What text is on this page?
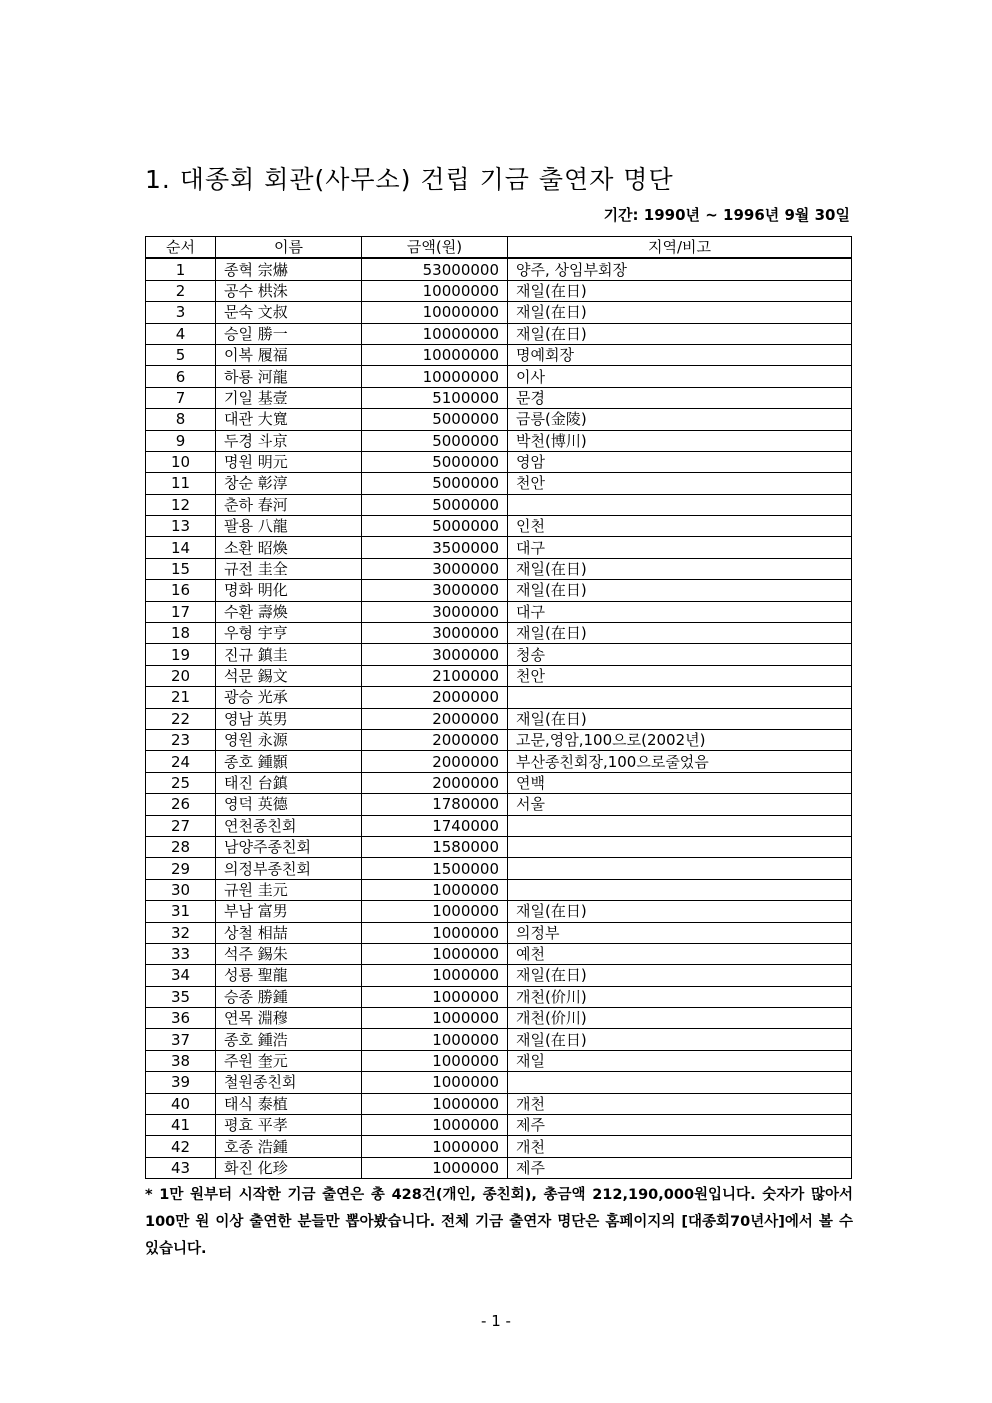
1. 대종회 회관(사무소) 건립 기금 출연자 명단
기간: 1990년 ~ 1996년 9월 30일
순서	이름	금액(원)	지역/비고
1	종혁 宗爀	53000000	양주, 상임부회장
2	공수 栱洙	10000000	재일(在日)
3	문숙 文叔	10000000	재일(在日)
4	승일 勝一	10000000	재일(在日)
5	이복 履福	10000000	명예회장
6	하룡 河龍	10000000	이사
7	기일 基壹	5100000	문경
8	대관 大寬	5000000	금릉(金陵)
9	두경 斗京	5000000	박천(博川)
10	명원 明元	5000000	영암
11	창순 彰淳	5000000	천안
12	춘하 春河	5000000	
13	팔용 八龍	5000000	인천
14	소환 昭煥	3500000	대구
15	규전 圭全	3000000	재일(在日)
16	명화 明化	3000000	재일(在日)
17	수환 壽煥	3000000	대구
18	우형 宇亨	3000000	재일(在日)
19	진규 鎮圭	3000000	청송
20	석문 錫文	2100000	천안
21	광승 光承	2000000	
22	영남 英男	2000000	재일(在日)
23	영원 永源	2000000	고문,영암,100으로(2002년)
24	종호 鍾顥	2000000	부산종친회장,100으로줄었음
25	태진 台鎮	2000000	연백
26	영덕 英德	1780000	서울
27	연천종친회	1740000	
28	남양주종친회	1580000	
29	의정부종친회	1500000	
30	규원 圭元	1000000	
31	부남 富男	1000000	재일(在日)
32	상철 相喆	1000000	의정부
33	석주 錫朱	1000000	예천
34	성룡 聖龍	1000000	재일(在日)
35	승종 勝鍾	1000000	개천(价川)
36	연목 淵穆	1000000	개천(价川)
37	종호 鍾浩	1000000	재일(在日)
38	주원 奎元	1000000	재일
39	철원종친회	1000000	
40	태식 泰植	1000000	개천
41	평효 平孝	1000000	제주
42	호종 浩鍾	1000000	개천
43	화진 化珍	1000000	제주

* 1만 원부터 시작한 기금 출연은 총 428건(개인, 종친회), 총금액 212,190,000원입니다. 숫자가 많아서 100만 원 이상 출연한 분들만 뽑아봤습니다. 전체 기금 출연자 명단은 홈페이지의 [대종회70년사]에서 볼 수 있습니다.

- 1 -
